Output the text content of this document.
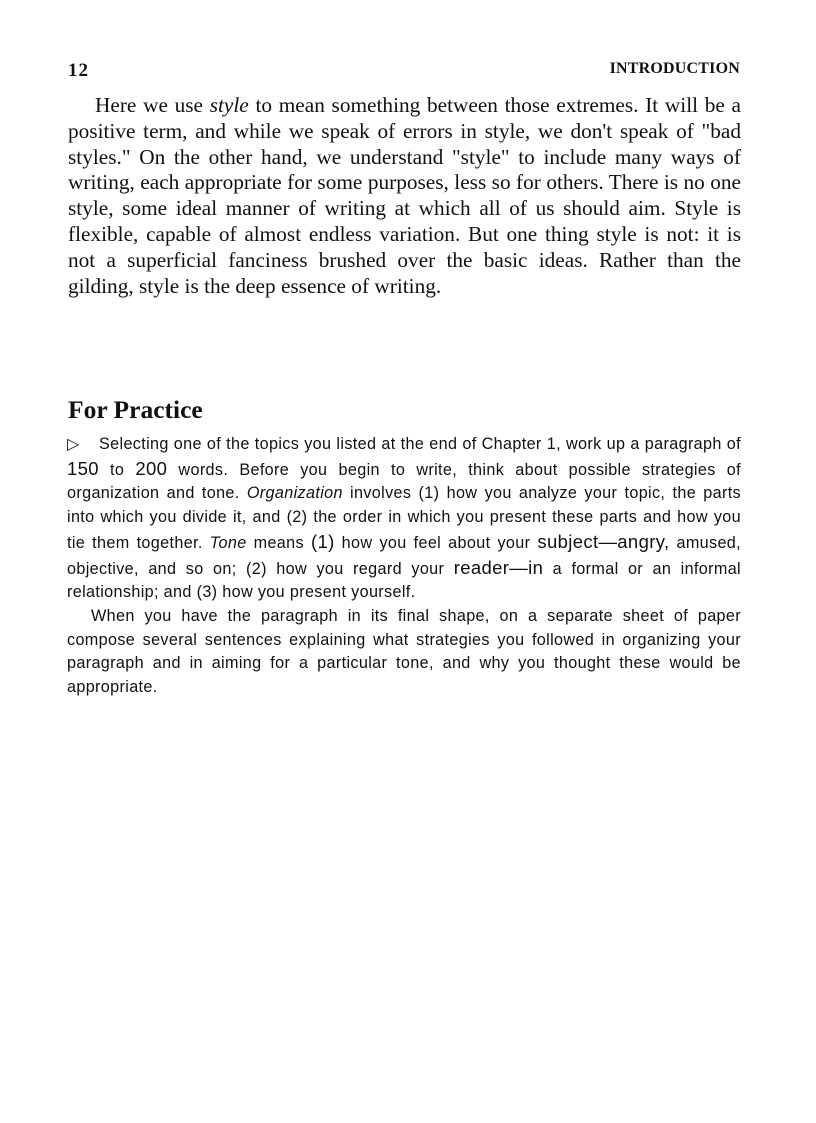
12	INTRODUCTION

Here we use style to mean something between those extremes. It will be a positive term, and while we speak of errors in style, we don't speak of "bad styles." On the other hand, we understand "style" to include many ways of writing, each appropriate for some purposes, less so for others. There is no one style, some ideal manner of writing at which all of us should aim. Style is flexible, capable of almost endless variation. But one thing style is not: it is not a superficial fanciness brushed over the basic ideas. Rather than the gilding, style is the deep essence of writing.

For Practice

▷ Selecting one of the topics you listed at the end of Chapter 1, work up a paragraph of 150 to 200 words. Before you begin to write, think about possible strategies of organization and tone. Organization involves (1) how you analyze your topic, the parts into which you divide it, and (2) the order in which you present these parts and how you tie them together. Tone means (1) how you feel about your subject—angry, amused, objective, and so on; (2) how you regard your reader—in a formal or an informal relationship; and (3) how you present yourself.

When you have the paragraph in its final shape, on a separate sheet of paper compose several sentences explaining what strategies you followed in organizing your paragraph and in aiming for a particular tone, and why you thought these would be appropriate.
